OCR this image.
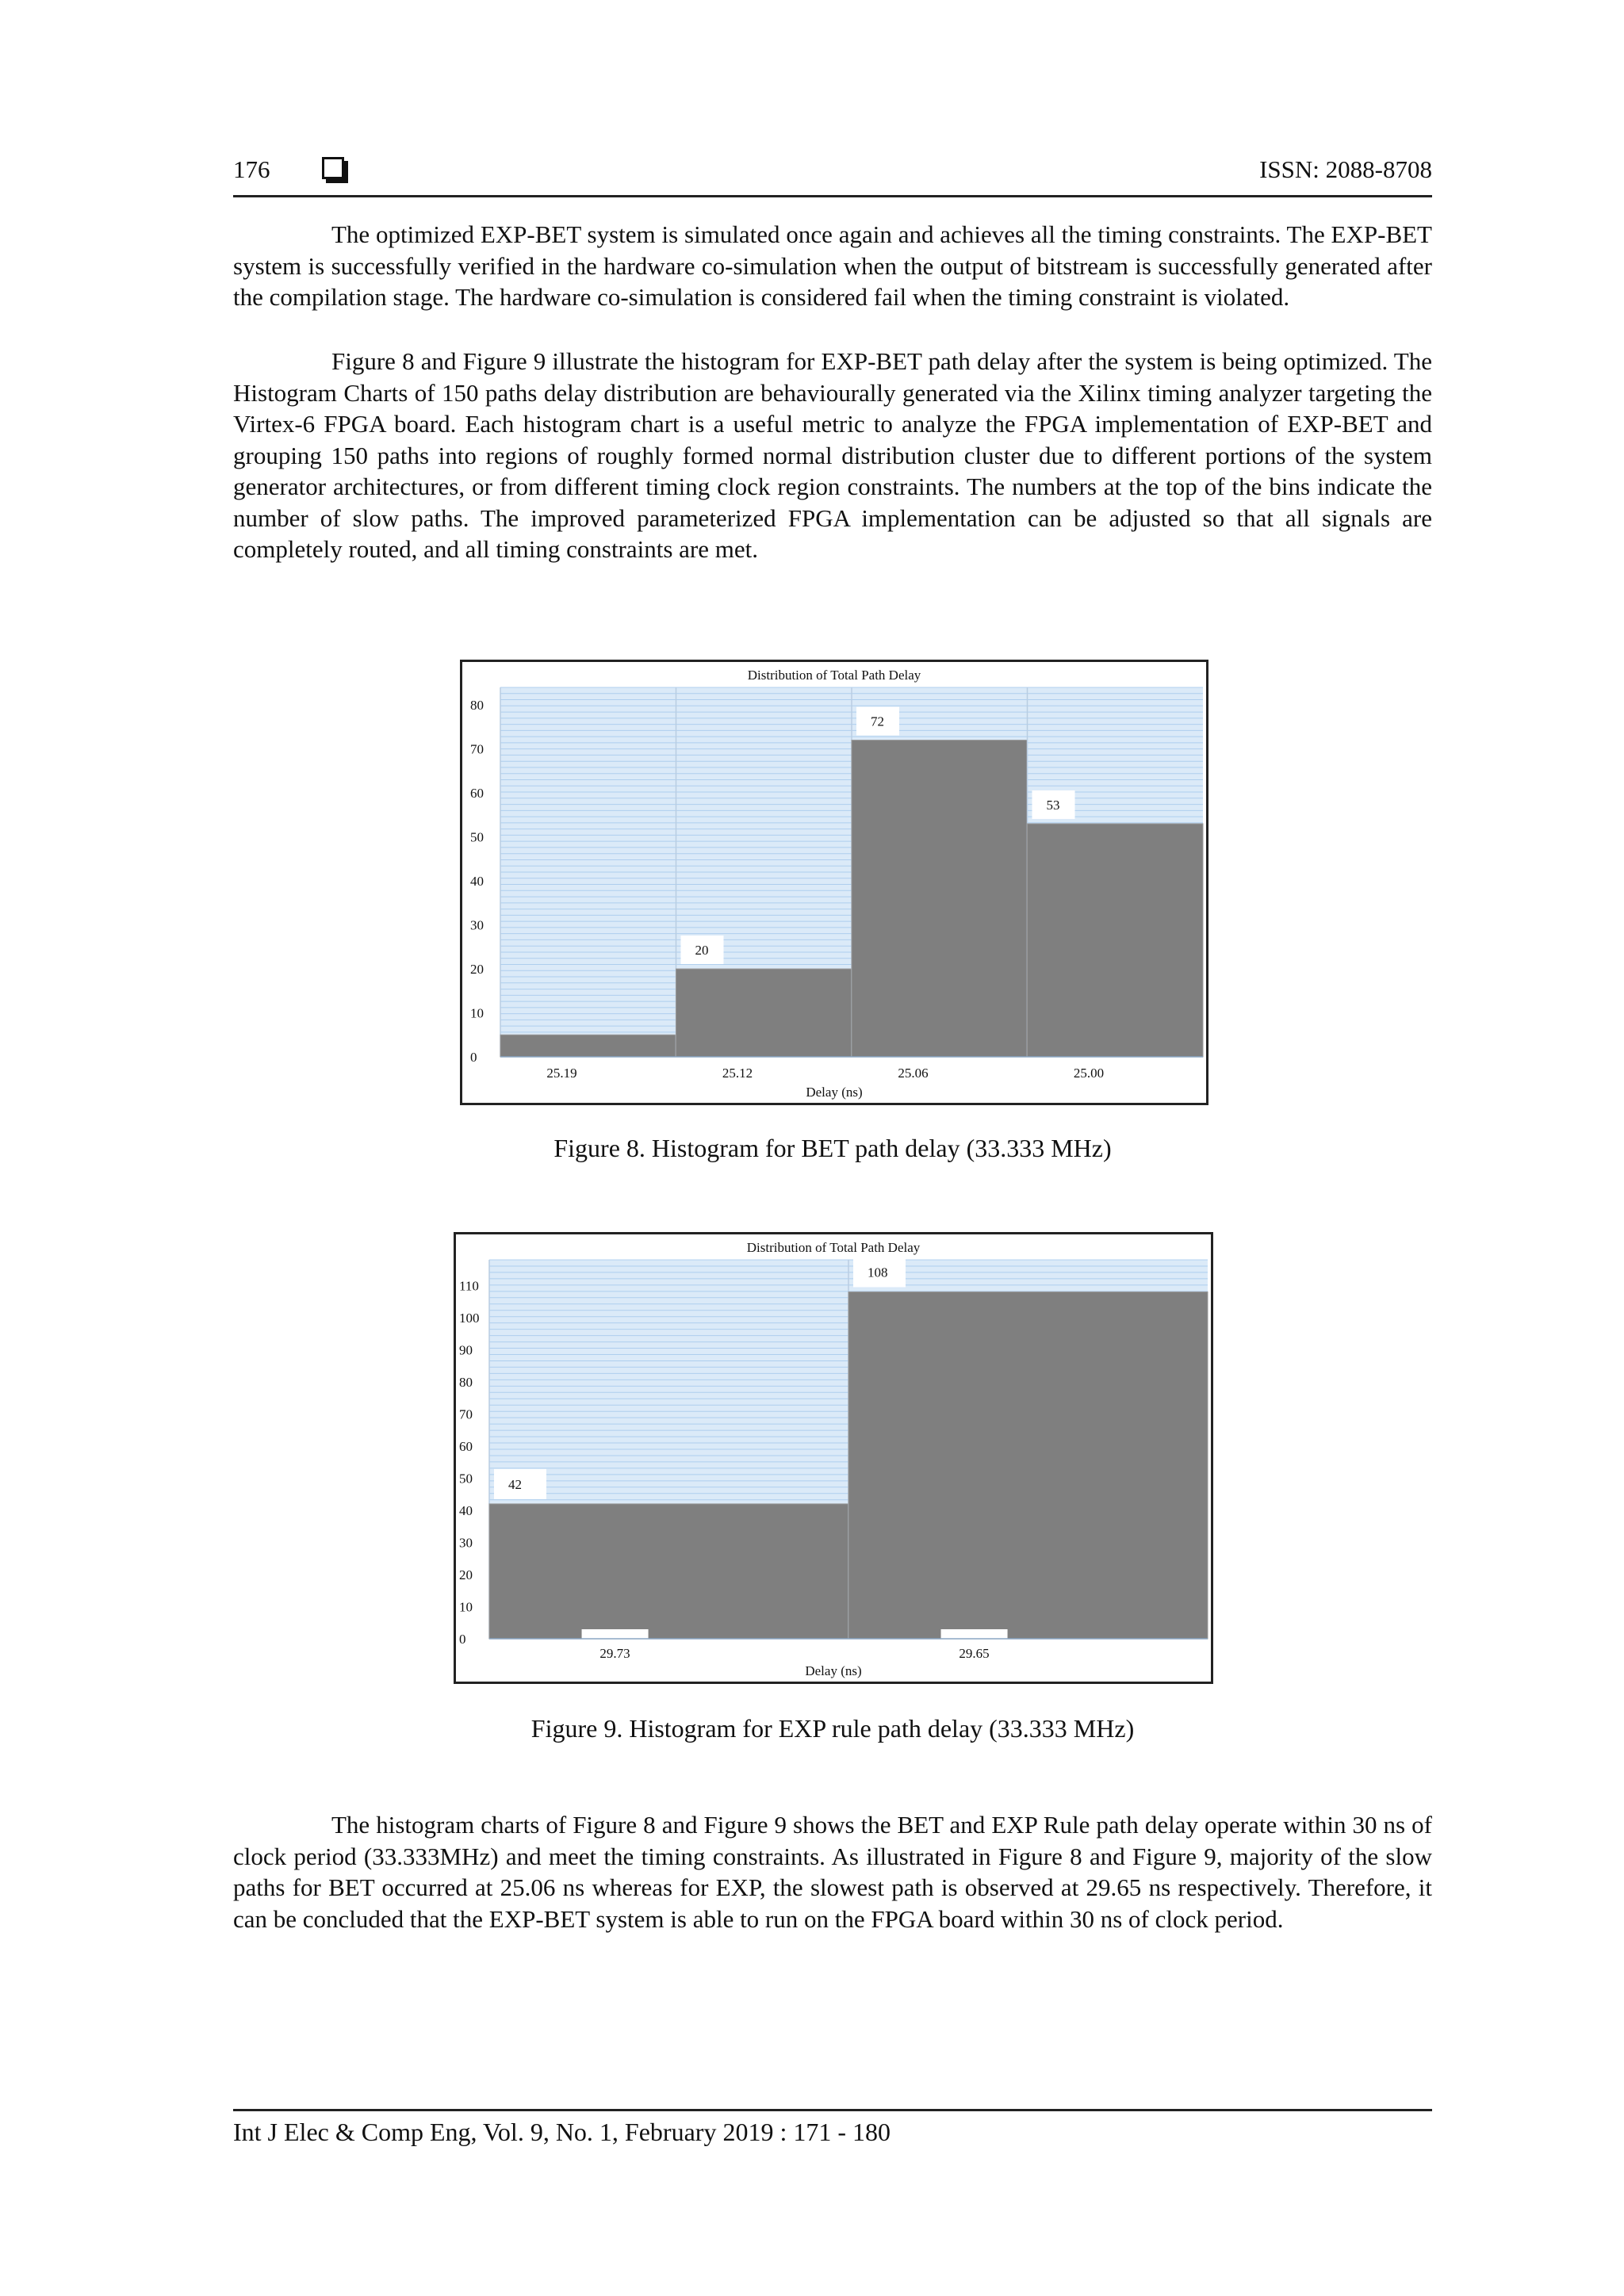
176	ISSN: 2088-8708

The optimized EXP-BET system is simulated once again and achieves all the timing constraints. The EXP-BET system is successfully verified in the hardware co-simulation when the output of bitstream is successfully generated after the compilation stage. The hardware co-simulation is considered fail when the timing constraint is violated.

Figure 8 and Figure 9 illustrate the histogram for EXP-BET path delay after the system is being optimized. The Histogram Charts of 150 paths delay distribution are behaviourally generated via the Xilinx timing analyzer targeting the Virtex-6 FPGA board. Each histogram chart is a useful metric to analyze the FPGA implementation of EXP-BET and grouping 150 paths into regions of roughly formed normal distribution cluster due to different portions of the system generator architectures, or from different timing clock region constraints. The numbers at the top of the bins indicate the number of slow paths. The improved parameterized FPGA implementation can be adjusted so that all signals are completely routed, and all timing constraints are met.

Distribution of Total Path Delay
0
10
20
30
40
50
60
70
80
25.19
20
25.12
72
25.06
53
25.00
Delay (ns)
Figure 8. Histogram for BET path delay (33.333 MHz)
Distribution of Total Path Delay
0
10
20
30
40
50
60
70
80
90
100
110
42
29.73
108
29.65
Delay (ns)
Figure 9. Histogram for EXP rule path delay (33.333 MHz)

The histogram charts of Figure 8 and Figure 9 shows the BET and EXP Rule path delay operate within 30 ns of clock period (33.333MHz) and meet the timing constraints. As illustrated in Figure 8 and Figure 9, majority of the slow paths for BET occurred at 25.06 ns whereas for EXP, the slowest path is observed at 29.65 ns respectively. Therefore, it can be concluded that the EXP-BET system is able to run on the FPGA board within 30 ns of clock period.

Int J Elec & Comp Eng, Vol. 9, No. 1, February 2019 : 171 - 180
